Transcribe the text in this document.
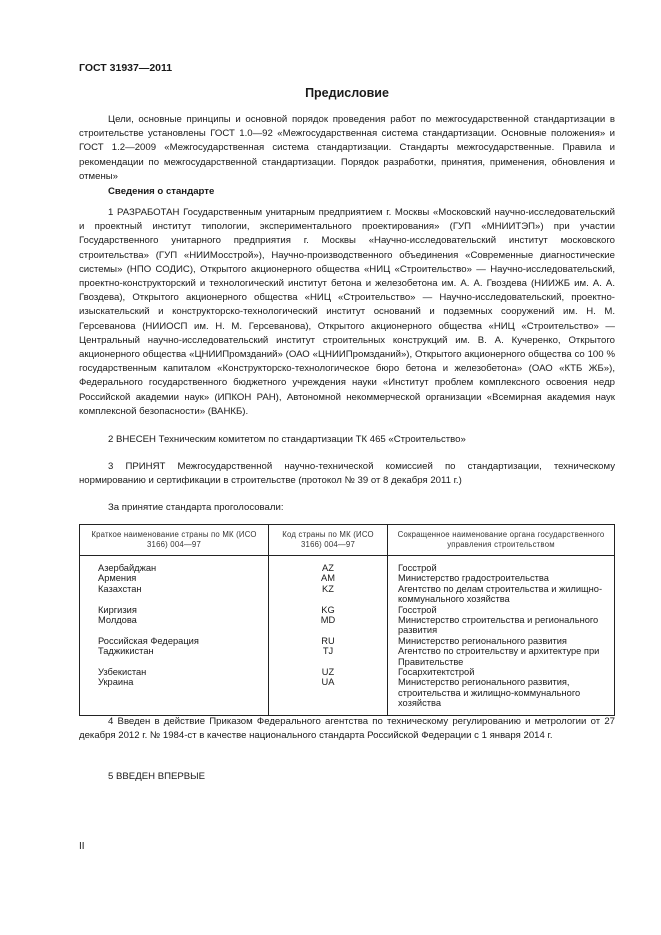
ГОСТ 31937—2011
Предисловие

Цели, основные принципы и основной порядок проведения работ по межгосударственной стандартизации в строительстве установлены ГОСТ 1.0—92 «Межгосударственная система стандартизации. Основные положения» и ГОСТ 1.2—2009 «Межгосударственная система стандартизации. Стандарты межгосударственные. Правила и рекомендации по межгосударственной стандартизации. Порядок разработки, принятия, применения, обновления и отмены»

Сведения о стандарте

1 РАЗРАБОТАН Государственным унитарным предприятием г. Москвы «Московский научно-исследовательский и проектный институт типологии, экспериментального проектирования» (ГУП «МНИИТЭП») при участии Государственного унитарного предприятия г. Москвы «Научно-исследовательский институт московского строительства» (ГУП «НИИМосстрой»), Научно-производственного объединения «Современные диагностические системы» (НПО СОДИС), Открытого акционерного общества «НИЦ «Строительство» — Научно-исследовательский, проектно-конструкторский и технологический институт бетона и железобетона им. А. А. Гвоздева (НИИЖБ им. А. А. Гвоздева), Открытого акционерного общества «НИЦ «Строительство» — Научно-исследовательский, проектно-изыскательский и конструкторско-технологический институт оснований и подземных сооружений им. Н. М. Герсеванова (НИИОСП им. Н. М. Герсеванова), Открытого акционерного общества «НИЦ «Строительство» — Центральный научно-исследовательский институт строительных конструкций им. В. А. Кучеренко, Открытого акционерного общества «ЦНИИПромзданий» (ОАО «ЦНИИПромзданий»), Открытого акционерного общества со 100 % государственным капиталом «Конструкторско-технологическое бюро бетона и железобетона» (ОАО «КТБ ЖБ»), Федерального государственного бюджетного учреждения науки «Институт проблем комплексного освоения недр Российской академии наук» (ИПКОН РАН), Автономной некоммерческой организации «Всемирная академия наук комплексной безопасности» (ВАНКБ).

2 ВНЕСЕН Техническим комитетом по стандартизации ТК 465 «Строительство»

3 ПРИНЯТ Межгосударственной научно-технической комиссией по стандартизации, техническому нормированию и сертификации в строительстве (протокол № 39 от 8 декабря 2011 г.)

За принятие стандарта проголосовали:
Краткое наименование страны по МК (ИСО 3166) 004—97	Код страны по МК (ИСО 3166) 004—97	Сокращенное наименование органа государственного управления строительством
Азербайджан	AZ	Госстрой
Армения	AM	Министерство градостроительства
Казахстан	KZ	Агентство по делам строительства и жилищно-коммунального хозяйства
Киргизия	KG	Госстрой
Молдова	MD	Министерство строительства и регионального развития
Российская Федерация	RU	Министерство регионального развития
Таджикистан	TJ	Агентство по строительству и архитектуре при Правительстве
Узбекистан	UZ	Госархитектстрой
Украина	UA	Министерство регионального развития, строительства и жилищно-коммунального хозяйства

4 Введен в действие Приказом Федерального агентства по техническому регулированию и метрологии от 27 декабря 2012 г. № 1984-ст в качестве национального стандарта Российской Федерации с 1 января 2014 г.

5 ВВЕДЕН ВПЕРВЫЕ
II
